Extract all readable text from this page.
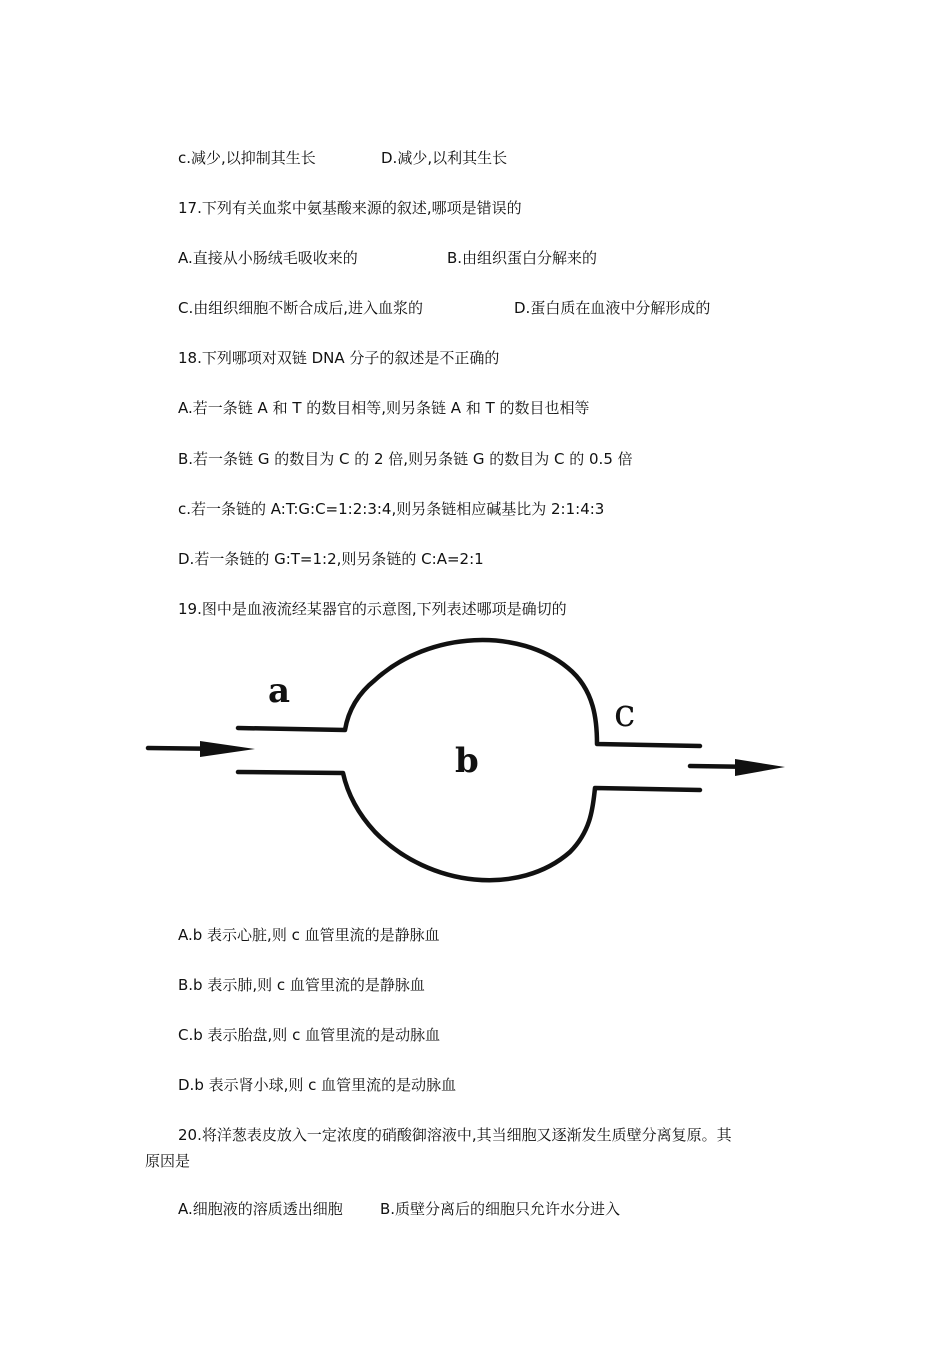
c.减少,以抑制其生长	D.减少,以利其生长
17.下列有关血浆中氨基酸来源的叙述,哪项是错误的
A.直接从小肠绒毛吸收来的	B.由组织蛋白分解来的
C.由组织细胞不断合成后,进入血浆的	D.蛋白质在血液中分解形成的
18.下列哪项对双链 DNA 分子的叙述是不正确的
A.若一条链 A 和 T 的数目相等,则另条链 A 和 T 的数目也相等
B.若一条链 G 的数目为 C 的 2 倍,则另条链 G 的数目为 C 的 0.5 倍
c.若一条链的 A:T:G:C=1:2:3:4,则另条链相应碱基比为 2:1:4:3
D.若一条链的 G:T=1:2,则另条链的 C:A=2:1
19.图中是血液流经某器官的示意图,下列表述哪项是确切的
a
b
c
A.b 表示心脏,则 c 血管里流的是静脉血
B.b 表示肺,则 c 血管里流的是静脉血
C.b 表示胎盘,则 c 血管里流的是动脉血
D.b 表示肾小球,则 c 血管里流的是动脉血
20.将洋葱表皮放入一定浓度的硝酸御溶液中,其当细胞又逐渐发生质壁分离复原。其
原因是
A.细胞液的溶质透出细胞 B.质壁分离后的细胞只允许水分进入
